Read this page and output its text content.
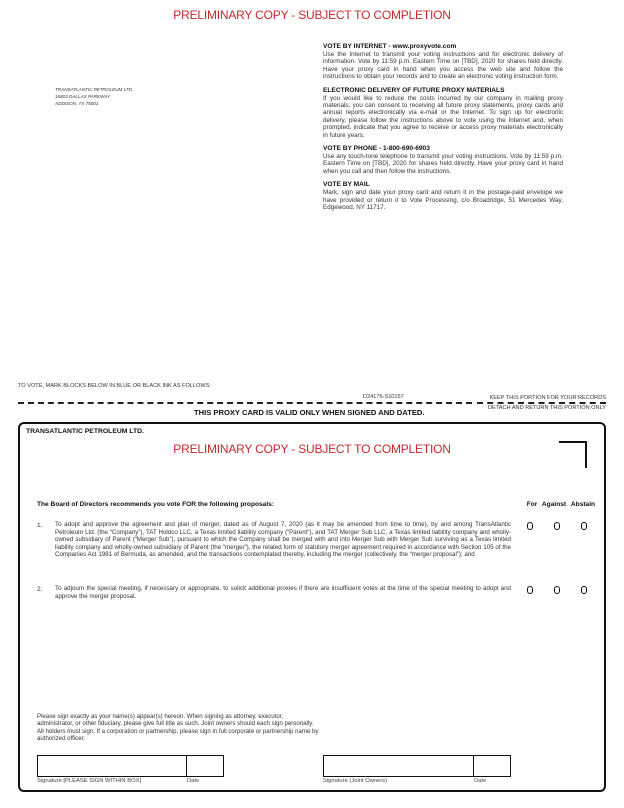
PRELIMINARY COPY - SUBJECT TO COMPLETION
TRANSATLANTIC PETROLEUM LTD.
16803 DALLAS PARKWAY
ADDISON, TX 75001
VOTE BY INTERNET - www.proxyvote.com
Use the Internet to transmit your voting instructions and for electronic delivery of information. Vote by 11:59 p.m. Eastern Time on [TBD], 2020 for shares held directly. Have your proxy card in hand when you access the web site and follow the instructions to obtain your records and to create an electronic voting instruction form.
ELECTRONIC DELIVERY OF FUTURE PROXY MATERIALS
If you would like to reduce the costs incurred by our company in mailing proxy materials, you can consent to receiving all future proxy statements, proxy cards and annual reports electronically via e-mail or the Internet. To sign up for electronic delivery, please follow the instructions above to vote using the Internet and, when prompted, indicate that you agree to receive or access proxy materials electronically in future years.
VOTE BY PHONE - 1-800-690-6903
Use any touch-tone telephone to transmit your voting instructions. Vote by 11:59 p.m. Eastern Time on [TBD], 2020 for shares held directly. Have your proxy card in hand when you call and then follow the instructions.
VOTE BY MAIL
Mark, sign and date your proxy card and return it in the postage-paid envelope we have provided or return it to Vote Processing, c/o Broadridge, 51 Mercedes Way, Edgewood, NY 11717.
TO VOTE, MARK BLOCKS BELOW IN BLUE OR BLACK INK AS FOLLOWS:
D24176-S10157	KEEP THIS PORTION FOR YOUR RECORDS
THIS PROXY CARD IS VALID ONLY WHEN SIGNED AND DATED.	DETACH AND RETURN THIS PORTION ONLY
TRANSATLANTIC PETROLEUM LTD.
PRELIMINARY COPY - SUBJECT TO COMPLETION
The Board of Directors recommends you vote FOR the following proposals:	For Against Abstain
1. To adopt and approve the agreement and plan of merger, dated as of August 7, 2020 (as it may be amended from time to time), by and among TransAtlantic Petroleum Ltd. (the “Company”), TAT Holdco LLC, a Texas limited liability company (“Parent”), and TAT Merger Sub LLC, a Texas limited liability company and wholly-owned subsidiary of Parent (“Merger Sub”), pursuant to which the Company shall be merged with and into Merger Sub with Merger Sub surviving as a Texas limited liability company and wholly-owned subsidiary of Parent (the “merger”), the related form of statutory merger agreement required in accordance with Section 105 of the Companies Act 1981 of Bermuda, as amended, and the transactions contemplated thereby, including the merger (collectively, the “merger proposal”); and
2. To adjourn the special meeting, if necessary or appropriate, to solicit additional proxies if there are insufficient votes at the time of the special meeting to adopt and approve the merger proposal.
Please sign exactly as your name(s) appear(s) hereon. When signing as attorney, executor, administrator, or other fiduciary, please give full title as such. Joint owners should each sign personally. All holders must sign. If a corporation or partnership, please sign in full corporate or partnership name by authorized officer.
Signature [PLEASE SIGN WITHIN BOX]	Date	Signature (Joint Owners)	Date
